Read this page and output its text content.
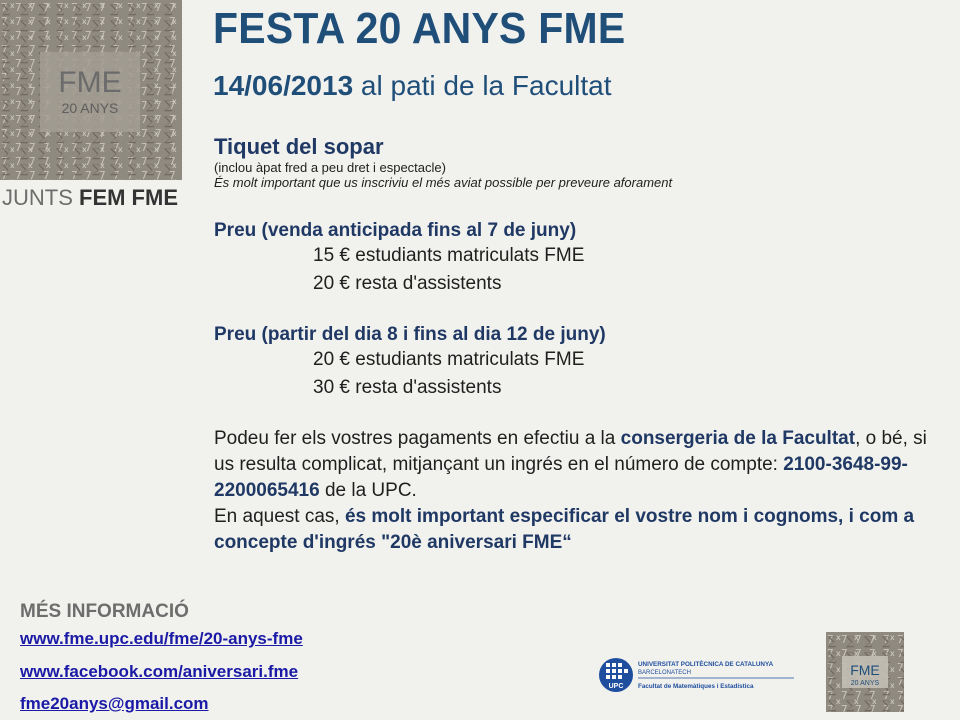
FME
20 ANYS
JUNTS FEM FME
FESTA 20 ANYS FME
14/06/2013 al pati de la Facultat

Tiquet del sopar

(inclou àpat fred a peu dret i espectacle)

És molt important que us inscriviu el més aviat possible per preveure aforament

Preu (venda anticipada fins al 7 de juny)

15 € estudiants matriculats FME

20 € resta d'assistents

Preu (partir del dia 8 i fins al dia 12 de juny)

20 € estudiants matriculats FME

30 € resta d'assistents

Podeu fer els vostres pagaments en efectiu a la consergeria de la Facultat, o bé, si us resulta complicat, mitjançant un ingrés en el número de compte: 2100-3648-99-2200065416 de la UPC.

En aquest cas, és molt important especificar el vostre nom i cognoms, i com a concepte d'ingrés "20è aniversari FME“

MÉS INFORMACIÓ
www.fme.upc.edu/fme/20-anys-fme
www.facebook.com/aniversari.fme
fme20anys@gmail.com
UPC
UNIVERSITAT POLITÈCNICA DE CATALUNYA
BARCELONATECH
Facultat de Matemàtiques i Estadística
FME
20 ANYS
